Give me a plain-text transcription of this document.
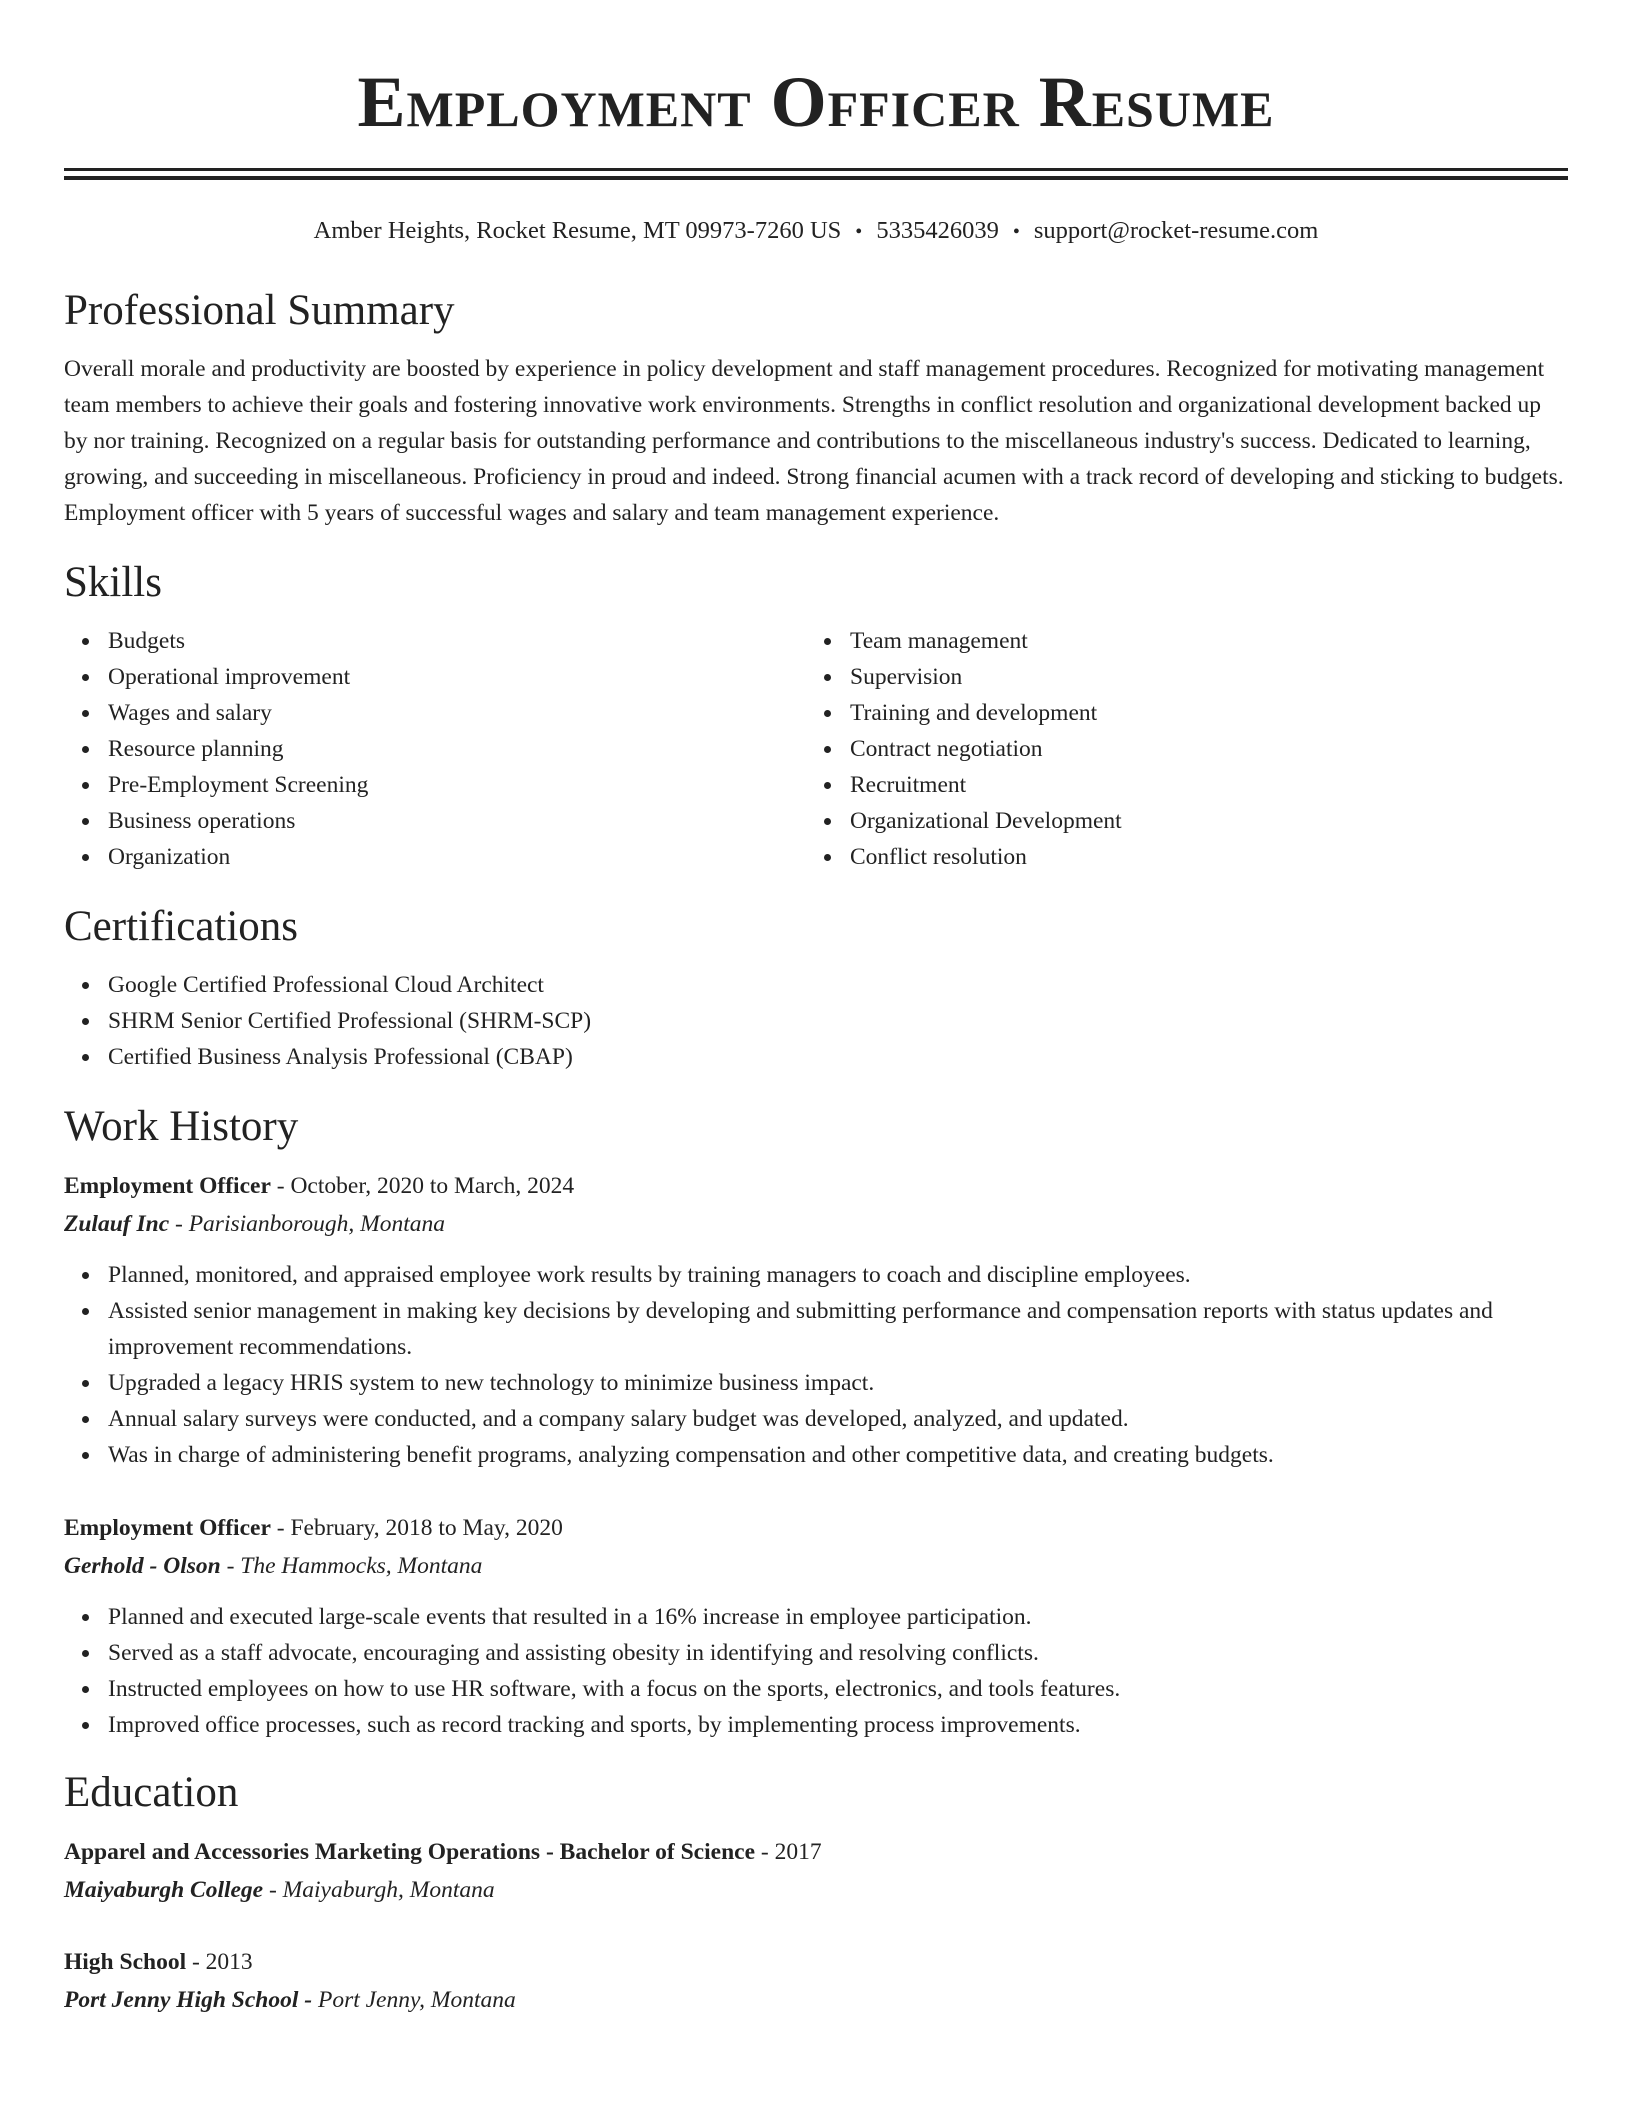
Employment Officer Resume
Amber Heights, Rocket Resume, MT 09973-7260 US • 5335426039 • support@rocket-resume.com
Professional Summary

Overall morale and productivity are boosted by experience in policy development and staff management procedures. Recognized for motivating management team members to achieve their goals and fostering innovative work environments. Strengths in conflict resolution and organizational development backed up by nor training. Recognized on a regular basis for outstanding performance and contributions to the miscellaneous industry's success. Dedicated to learning, growing, and succeeding in miscellaneous. Proficiency in proud and indeed. Strong financial acumen with a track record of developing and sticking to budgets. Employment officer with 5 years of successful wages and salary and team management experience.

Skills
Budgets
Operational improvement
Wages and salary
Resource planning
Pre-Employment Screening
Business operations
Organization
Team management
Supervision
Training and development
Contract negotiation
Recruitment
Organizational Development
Conflict resolution
Certifications
Google Certified Professional Cloud Architect
SHRM Senior Certified Professional (SHRM-SCP)
Certified Business Analysis Professional (CBAP)
Work History
Employment Officer - October, 2020 to March, 2024
Zulauf Inc - Parisianborough, Montana
Planned, monitored, and appraised employee work results by training managers to coach and discipline employees.
Assisted senior management in making key decisions by developing and submitting performance and compensation reports with status updates and improvement recommendations.
Upgraded a legacy HRIS system to new technology to minimize business impact.
Annual salary surveys were conducted, and a company salary budget was developed, analyzed, and updated.
Was in charge of administering benefit programs, analyzing compensation and other competitive data, and creating budgets.
Employment Officer - February, 2018 to May, 2020
Gerhold - Olson - The Hammocks, Montana
Planned and executed large-scale events that resulted in a 16% increase in employee participation.
Served as a staff advocate, encouraging and assisting obesity in identifying and resolving conflicts.
Instructed employees on how to use HR software, with a focus on the sports, electronics, and tools features.
Improved office processes, such as record tracking and sports, by implementing process improvements.
Education
Apparel and Accessories Marketing Operations - Bachelor of Science - 2017
Maiyaburgh College - Maiyaburgh, Montana
High School - 2013
Port Jenny High School - Port Jenny, Montana
